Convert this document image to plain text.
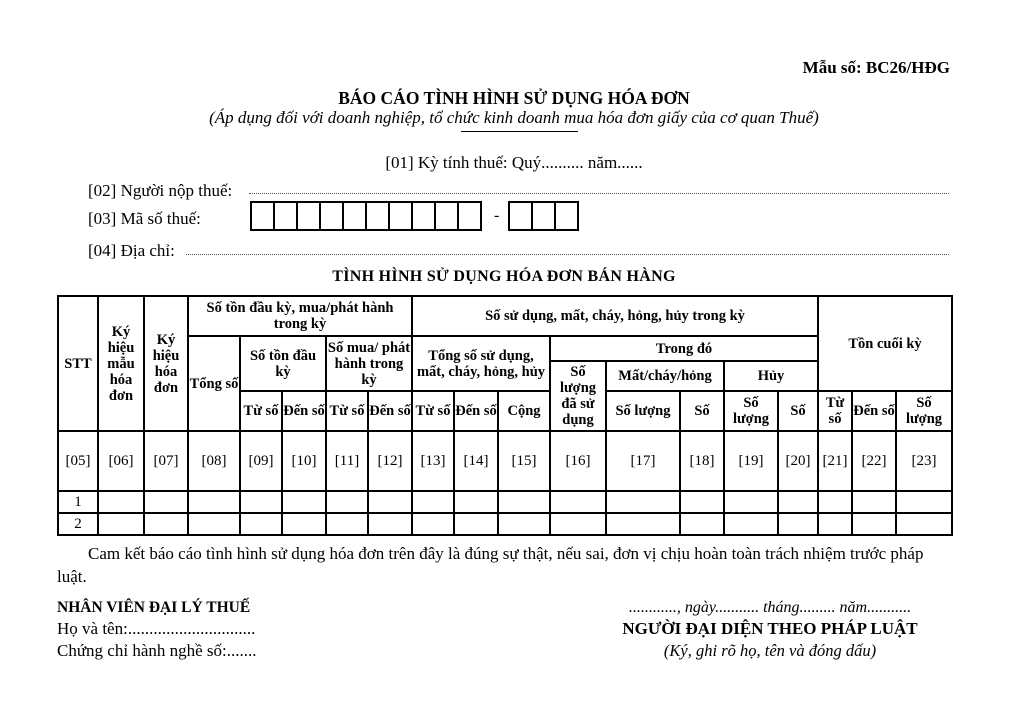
Mẫu số: BC26/HĐG
BÁO CÁO TÌNH HÌNH SỬ DỤNG HÓA ĐƠN
(Áp dụng đối với doanh nghiệp, tổ chức kinh doanh mua hóa đơn giấy của cơ quan Thuế)
[01] Kỳ tính thuế: Quý.......... năm......
[02] Người nộp thuế:
[03] Mã số thuế:	-
[04] Địa chỉ:
TÌNH HÌNH SỬ DỤNG HÓA ĐƠN BÁN HÀNG
STT	Ký hiệu mẫu hóa đơn	Ký hiệu hóa đơn	Số tồn đầu kỳ, mua/phát hành trong kỳ					Số sử dụng, mất, cháy, hỏng, hủy trong kỳ								Tồn cuối kỳ		
			Tổng số	Số tồn đầu kỳ		Số mua/ phát hành trong kỳ		Tổng số sử dụng, mất, cháy, hỏng, hủy			Trong đó							
											Số lượng đã sử dụng	Mất/cháy/hỏng		Hủy				
				Từ số	Đến số	Từ số	Đến số	Từ số	Đến số	Cộng		Số lượng	Số	Số lượng	Số	Từ số	Đến số	Số lượng
[05]	[06]	[07]	[08]	[09]	[10]	[11]	[12]	[13]	[14]	[15]	[16]	[17]	[18]	[19]	[20]	[21]	[22]	[23]
1																		
2																		
Cam kết báo cáo tình hình sử dụng hóa đơn trên đây là đúng sự thật, nếu sai, đơn vị chịu hoàn toàn trách nhiệm trước pháp luật.
NHÂN VIÊN ĐẠI LÝ THUẾ
Họ và tên:..............................
Chứng chỉ hành nghề số:.......
............, ngày........... tháng......... năm...........
NGƯỜI ĐẠI DIỆN THEO PHÁP LUẬT
(Ký, ghi rõ họ, tên và đóng dấu)
